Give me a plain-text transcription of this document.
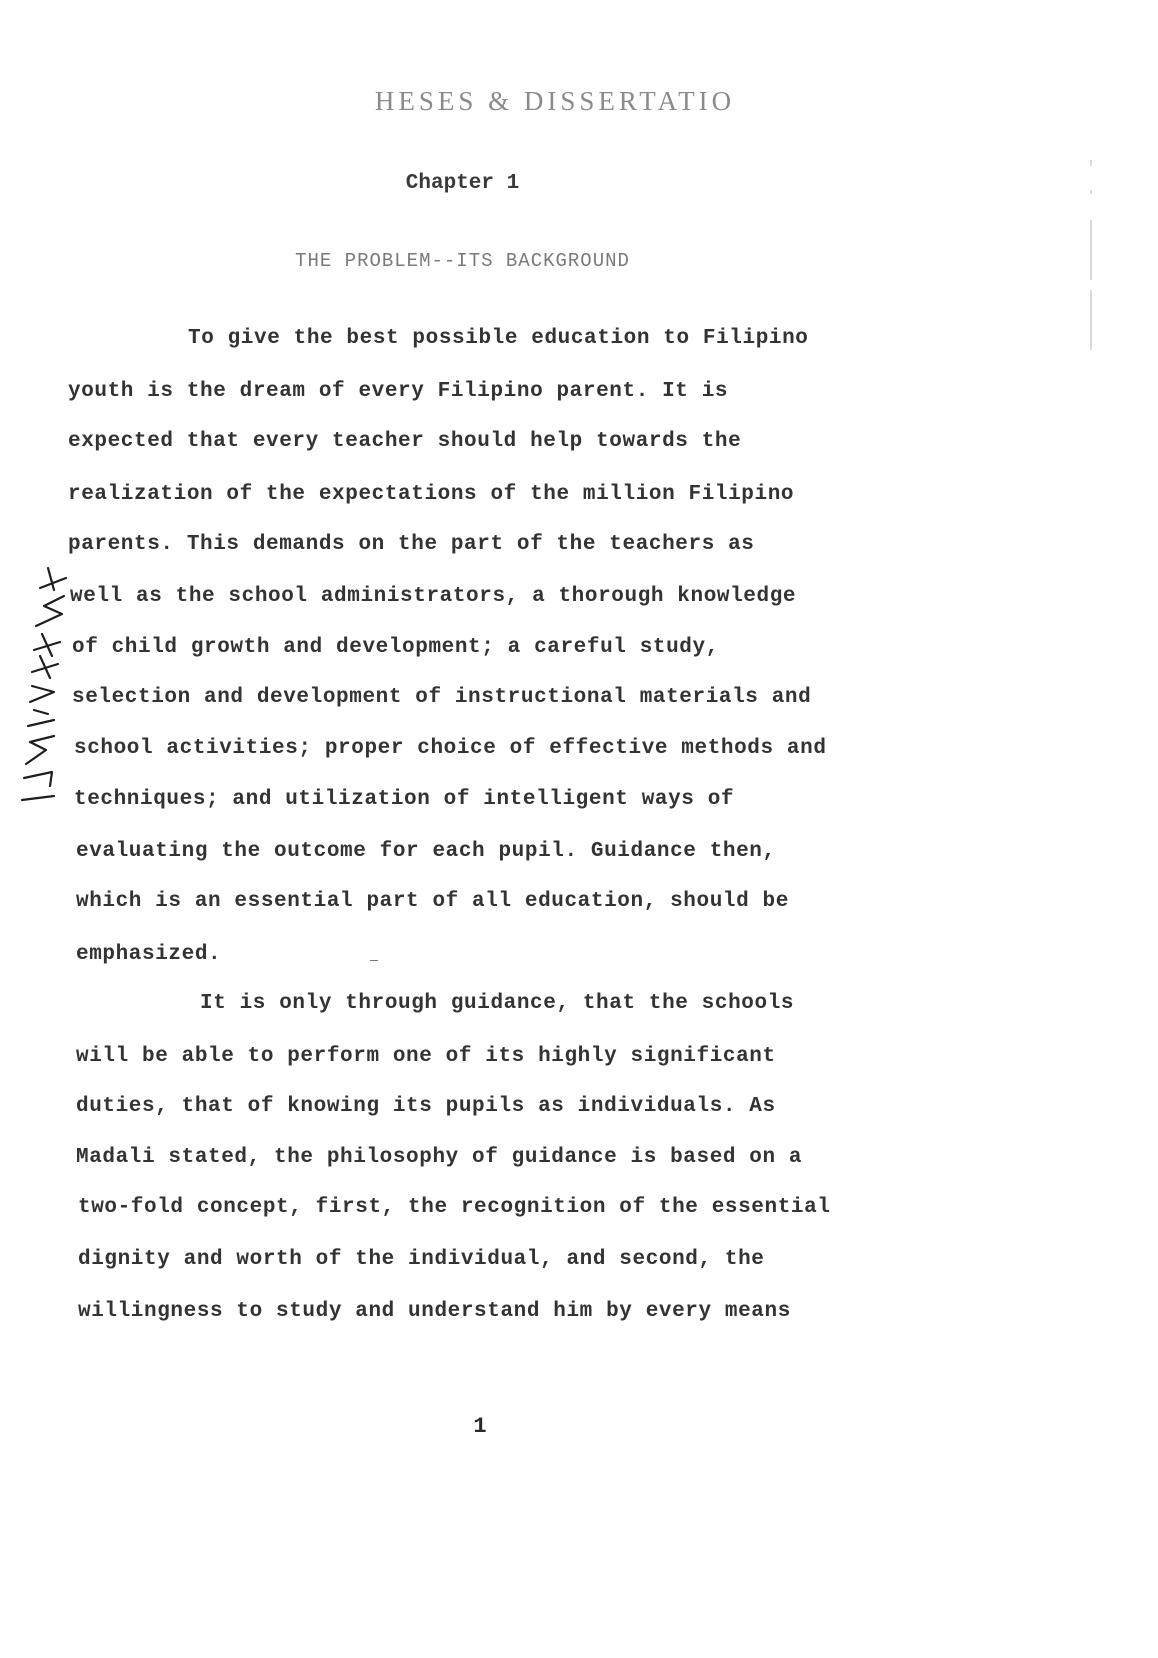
HESES & DISSERTATIO
Chapter 1
THE PROBLEM--ITS BACKGROUND
To give the best possible education to Filipino
youth is the dream of every Filipino parent. It is
expected that every teacher should help towards the
realization of the expectations of the million Filipino
parents. This demands on the part of the teachers as
well as the school administrators, a thorough knowledge
of child growth and development; a careful study,
selection and development of instructional materials and
school activities; proper choice of effective methods and
techniques; and utilization of intelligent ways of
evaluating the outcome for each pupil. Guidance then,
which is an essential part of all education, should be
emphasized.
It is only through guidance, that the schools
will be able to perform one of its highly significant
duties, that of knowing its pupils as individuals. As
Madali stated, the philosophy of guidance is based on a
two-fold concept, first, the recognition of the essential
dignity and worth of the individual, and second, the
willingness to study and understand him by every means
1
